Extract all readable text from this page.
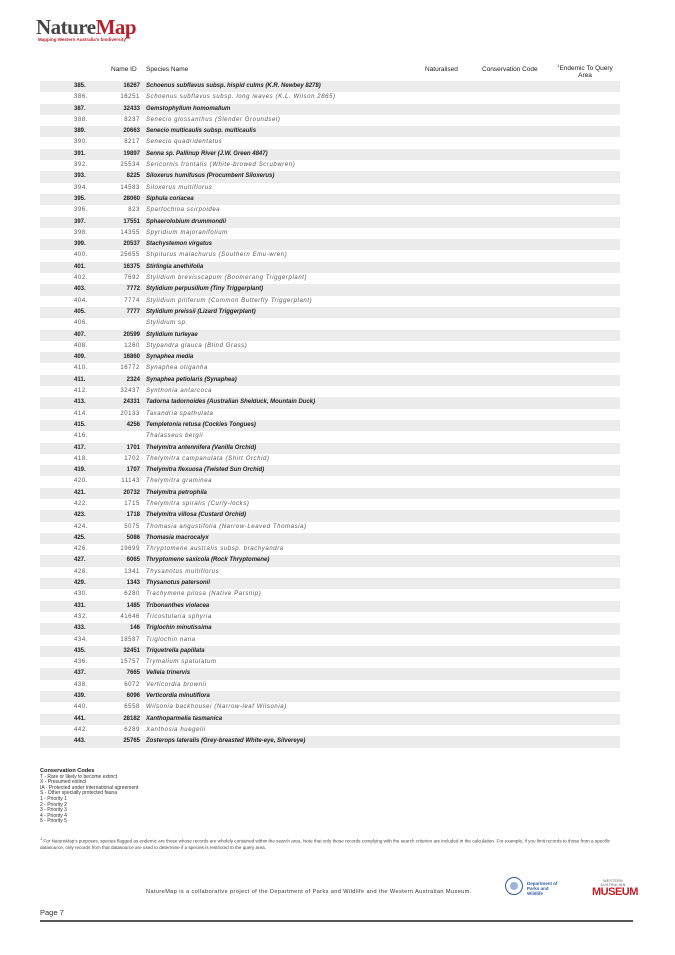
NatureMap
Mapping Western Australia's biodiversity
Name ID Species Name	Naturalised	Conservation Code
$^1$Endemic To Query Area
385.	16267 Schoenus subflavus subsp. hispid culms (K.R. Newbey 8278)
386.	16251 Schoenus subflavus subsp. long leaves (K.L. Wilson 2865)
387.	32433 Gemstophyllum homomallum
388.	8237 Senecio glossanthus (Slender Groundsel)
389.	20663 Senecio multicaulis subsp. multicaulis
390.	8217 Senecio quadridentatus
391.	19897 Senna sp. Pallinup River (J.W. Green 4847)
392.	25534 Sericornis frontalis (White-browed Scrubwren)
393.	8225 Siloxerus humifusus (Procumbent Siloxerus)
394.	14583 Siloxerus multiflorus
395.	28060 Siphula coriacea
396.	823 Spartochloa scirpoidea
397.	17551 Sphaerolobium drummondii
398.	14355 Spyridium majoranifolium
399.	20537 Stachystemon virgatus
400.	25655 Stipiturus malachurus (Southern Emu-wren)
401.	16375 Stirlingia anethifolia
402.	7692 Stylidium brevisscapum (Boomerang Triggerplant)
403.	7772 Stylidium perpusillum (Tiny Triggerplant)
404.	7774 Stylidium piliferum (Common Butterfly Triggerplant)
405.	7777 Stylidium preissii (Lizard Triggerplant)
406.	Stylidium sp.
407.	20599 Stylidium turleyae
408.	1260 Stypandra glauca (Blind Grass)
409.	16860 Synaphea media
410.	16772 Synaphea otiganha
411.	2324 Synaphea petiolaris (Synaphea)
412.	32437 Synthonia antarcoca
413.	24331 Tadorna tadornoides (Australian Shelduck, Mountain Duck)
414.	20133 Taxandria spathulata
415.	4256 Templetonia retusa (Cockies Tongues)
416.	Thalasseus bergii
417.	1701 Thelymitra antennifera (Vanilla Orchid)
418.	1702 Thelymitra campanulata (Shirt Orchid)
419.	1707 Thelymitra flexuosa (Twisted Sun Orchid)
420.	11143 Thelymitra graminea
421.	20732 Thelymitra petrophila
422.	1715 Thelymitra spiralis (Curly-locks)
423.	1718 Thelymitra villosa (Custard Orchid)
424.	5075 Thomasia angustifolia (Narrow-Leaved Thomasia)
425.	5086 Thomasia macrocalyx
426.	19699 Thryptomene australis subsp. brachyandra
427.	6065 Thryptomene saxicola (Rock Thryptomene)
428.	1341 Thysanotus multiflorus
429.	1343 Thysanotus patersonii
430.	6280 Trachymene pilosa (Native Parsnip)
431.	1485 Tribonanthes violacea
432.	41646 Tricostularia sphyria
433.	146 Triglochin minutissima
434.	18587 Triglochin nana
435.	32451 Triquetrella papillata
436.	15757 Trymalium spatulatum
437.	7665 Velleia trinervis
438.	6072 Verticordia brownii
439.	6096 Verticordia minutiflora
440.	6558 Wilsonia backhousei (Narrow-leaf Wilsonia)
441.	28182 Xanthoparmelia tasmanica
442.	6289 Xanthosia huegelii
443.	25765 Zosterops lateralis (Grey-breasted White-eye, Silvereye)
Conservation Codes
T - Rare or likely to become extinct
X - Presumed extinct
IA - Protected under international agreement
S - Other specially protected fauna
1 - Priority 1
2 - Priority 2
3 - Priority 3
4 - Priority 4
5 - Priority 5
$^1$ For NatureMap's purposes, species flagged as endemic are those whose records are wholely contained within the search area. Note that only those records complying with the search criterion are included in the calculation. For example, if you limit records to those from a specific datasource, only records from that datasource are used to determine if a species is restricted to the query area.
NatureMap is a collaborative project of the Department of Parks and Wildlife and the Western Australian Museum.
Department of
Parks and Wildlife
WESTERN AUSTRALIAN
MUSEUM
Page 7
